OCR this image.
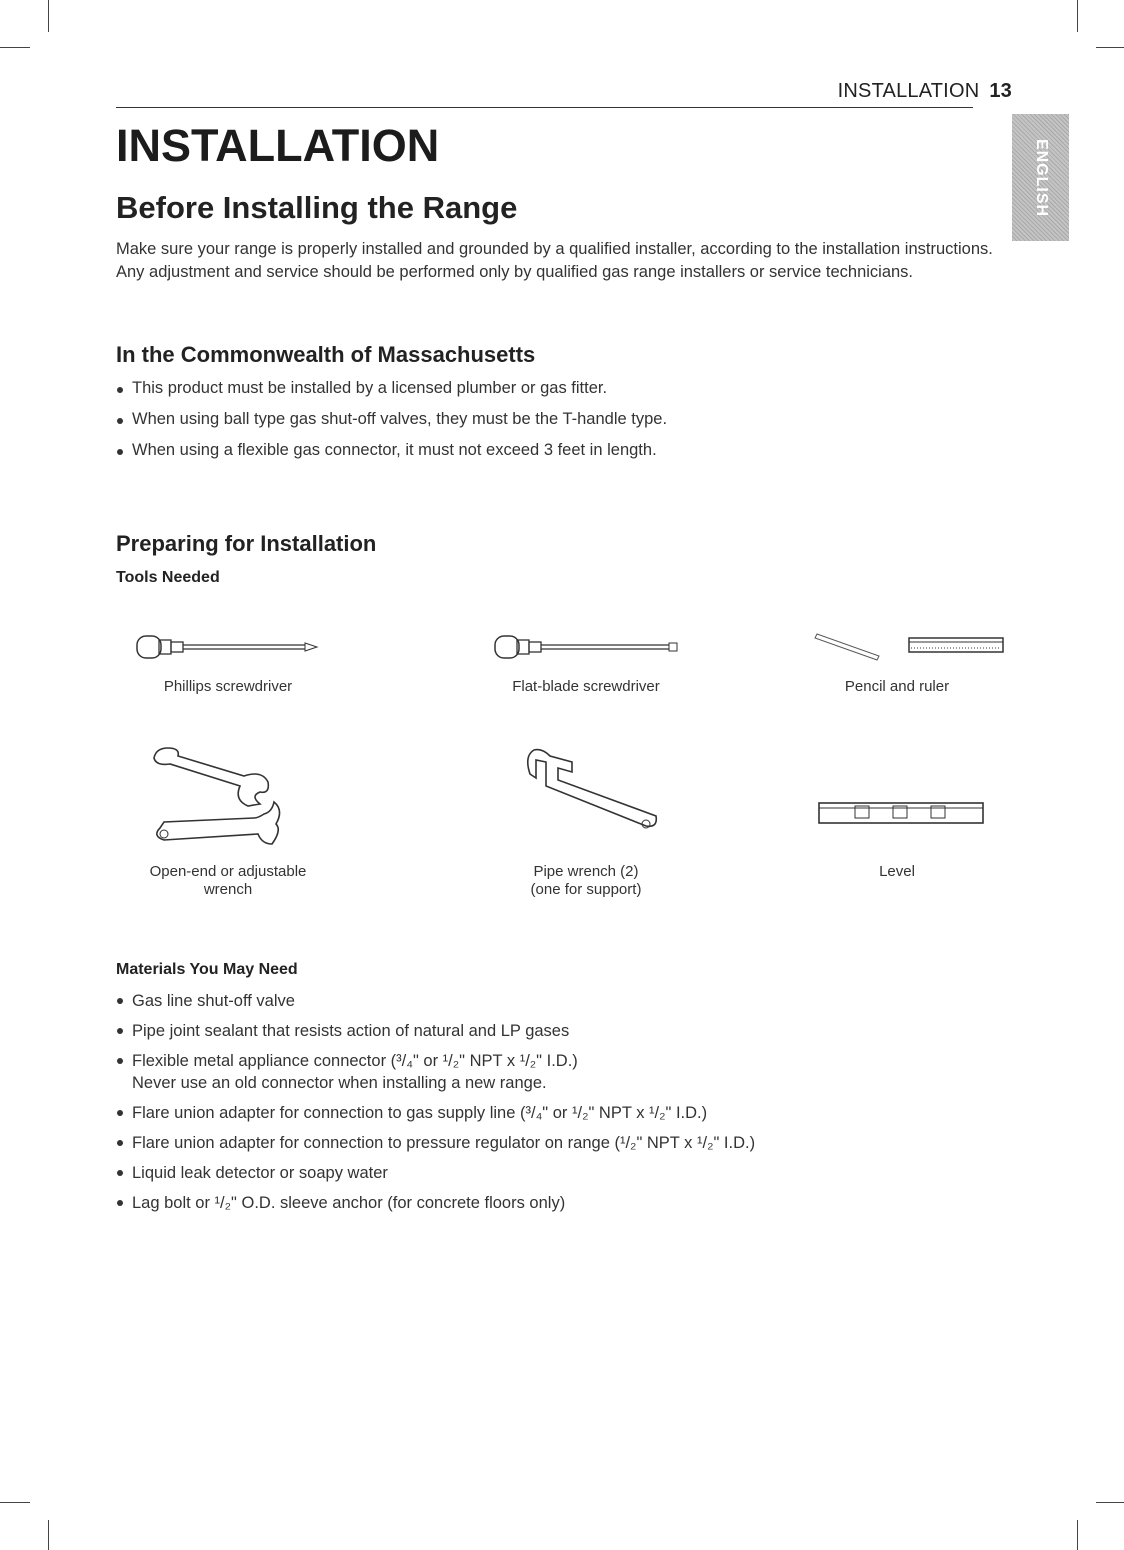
INSTALLATION 13
ENGLISH
INSTALLATION
Before Installing the Range
Make sure your range is properly installed and grounded by a qualified installer, according to the installation instructions. Any adjustment and service should be performed only by qualified gas range installers or service technicians.
In the Commonwealth of Massachusetts
This product must be installed by a licensed plumber or gas fitter.
When using ball type gas shut-off valves, they must be the T-handle type.
When using a flexible gas connector, it must not exceed 3 feet in length.
Preparing for Installation
Tools Needed
Phillips screwdriver	Flat-blade screwdriver	Pencil and ruler
Open-end or adjustable
wrench
Pipe wrench (2)
(one for support)
Level
Materials You May Need
Gas line shut-off valve
Pipe joint sealant that resists action of natural and LP gases
Flexible metal appliance connector (³/₄" or ¹/₂" NPT x ¹/₂" I.D.)
Never use an old connector when installing a new range.
Flare union adapter for connection to gas supply line (³/₄" or ¹/₂" NPT x ¹/₂" I.D.)
Flare union adapter for connection to pressure regulator on range (¹/₂" NPT x ¹/₂" I.D.)
Liquid leak detector or soapy water
Lag bolt or ¹/₂" O.D. sleeve anchor (for concrete floors only)
